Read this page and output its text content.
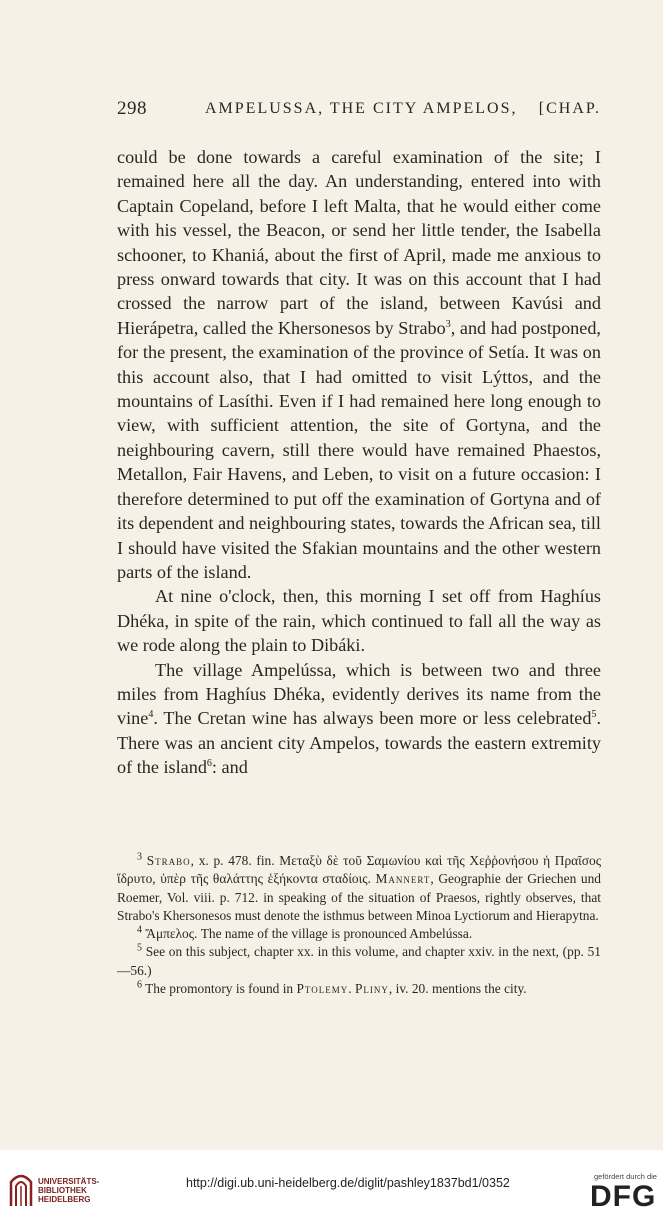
298	AMPELUSSA, THE CITY AMPELOS, [CHAP.

could be done towards a careful examination of the site; I remained here all the day. An understanding, entered into with Captain Copeland, before I left Malta, that he would either come with his vessel, the Beacon, or send her little tender, the Isabella schooner, to Khaniá, about the first of April, made me anxious to press onward towards that city. It was on this account that I had crossed the narrow part of the island, between Kavúsi and Hierápetra, called the Khersonesos by Strabo$^3$, and had postponed, for the present, the examination of the province of Setía. It was on this account also, that I had omitted to visit Lýttos, and the mountains of Lasíthi. Even if I had remained here long enough to view, with sufficient attention, the site of Gortyna, and the neighbouring cavern, still there would have remained Phaestos, Metallon, Fair Havens, and Leben, to visit on a future occasion: I therefore determined to put off the examination of Gortyna and of its dependent and neighbouring states, towards the African sea, till I should have visited the Sfakian mountains and the other western parts of the island.

At nine o'clock, then, this morning I set off from Haghíus Dhéka, in spite of the rain, which continued to fall all the way as we rode along the plain to Dibáki.

The village Ampelússa, which is between two and three miles from Haghíus Dhéka, evidently derives its name from the vine$^4$. The Cretan wine has always been more or less celebrated$^5$. There was an ancient city Ampelos, towards the eastern extremity of the island$^6$: and

$^3$ Strabo, x. p. 478. fin. Μεταξὺ δὲ τοῦ Σαμωνίου καὶ τῆς Χεῤῥονήσου ἡ Πραῖσος ἵδρυτο, ὑπὲρ τῆς θαλάττης ἑξήκοντα σταδίοις. Mannert, Geographie der Griechen und Roemer, Vol. viii. p. 712. in speaking of the situation of Praesos, rightly observes, that Strabo's Khersonesos must denote the isthmus between Minoa Lyctiorum and Hierapytna.

$^4$ Ἄμπελος. The name of the village is pronounced Ambelússa.

$^5$ See on this subject, chapter xx. in this volume, and chapter xxiv. in the next, (pp. 51—56.)

$^6$ The promontory is found in Ptolemy. Pliny, iv. 20. mentions the city.

UNIVERSITÄTS-
BIBLIOTHEK
HEIDELBERG
http://digi.ub.uni-heidelberg.de/diglit/pashley1837bd1/0352	gefördert durch die
DFG
